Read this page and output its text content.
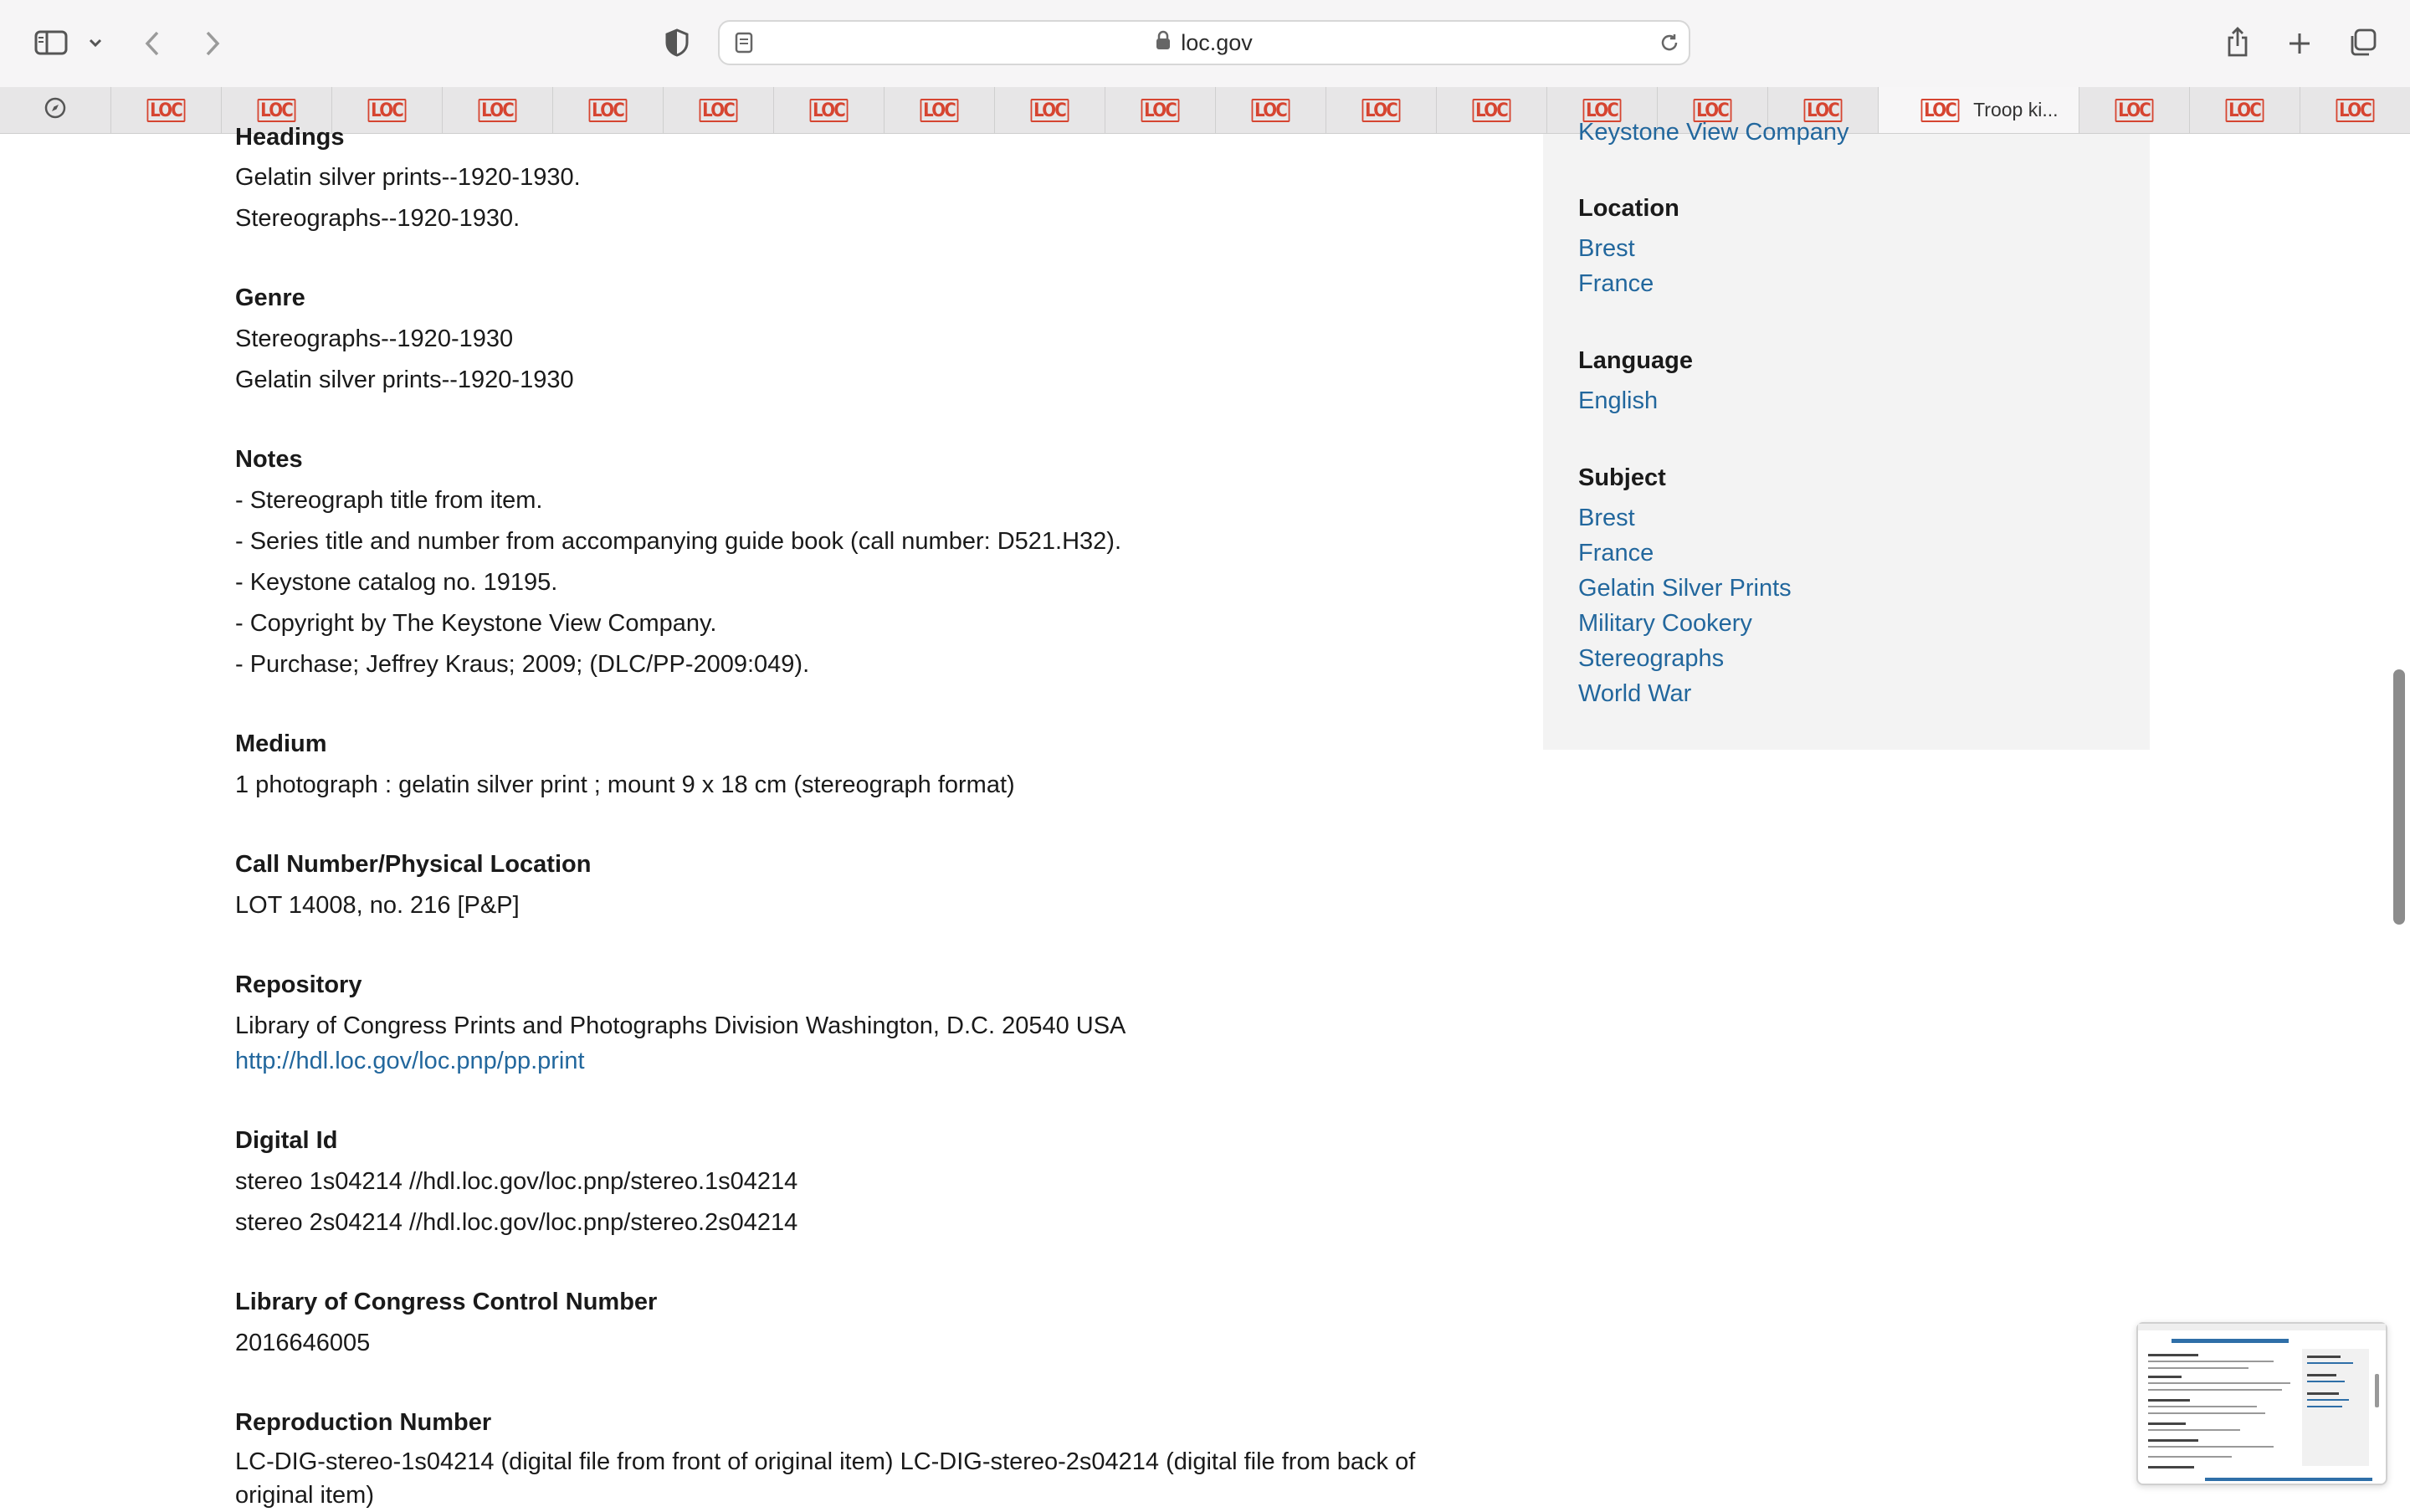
loc.gov
LOC	LOC	LOC	LOC	LOC	LOC	LOC	LOC	LOC	LOC	LOC	LOC	LOC	LOC	LOC	LOC	LOC Troop ki...	LOC	LOC	LOC
Headings
Gelatin silver prints--1920-1930.
Stereographs--1920-1930.
Genre
Stereographs--1920-1930
Gelatin silver prints--1920-1930
Notes
- Stereograph title from item.
- Series title and number from accompanying guide book (call number: D521.H32).
- Keystone catalog no. 19195.
- Copyright by The Keystone View Company.
- Purchase; Jeffrey Kraus; 2009; (DLC/PP-2009:049).
Medium
1 photograph : gelatin silver print ; mount 9 x 18 cm (stereograph format)
Call Number/Physical Location
LOT 14008, no. 216 [P&P]
Repository
Library of Congress Prints and Photographs Division Washington, D.C. 20540 USA
http://hdl.loc.gov/loc.pnp/pp.print
Digital Id
stereo 1s04214 //hdl.loc.gov/loc.pnp/stereo.1s04214
stereo 2s04214 //hdl.loc.gov/loc.pnp/stereo.2s04214
Library of Congress Control Number
2016646005
Reproduction Number
LC-DIG-stereo-1s04214 (digital file from front of original item) LC-DIG-stereo-2s04214 (digital file from back of original item)
Keystone View Company
Location
Brest
France
Language
English
Subject
Brest
France
Gelatin Silver Prints
Military Cookery
Stereographs
World War
